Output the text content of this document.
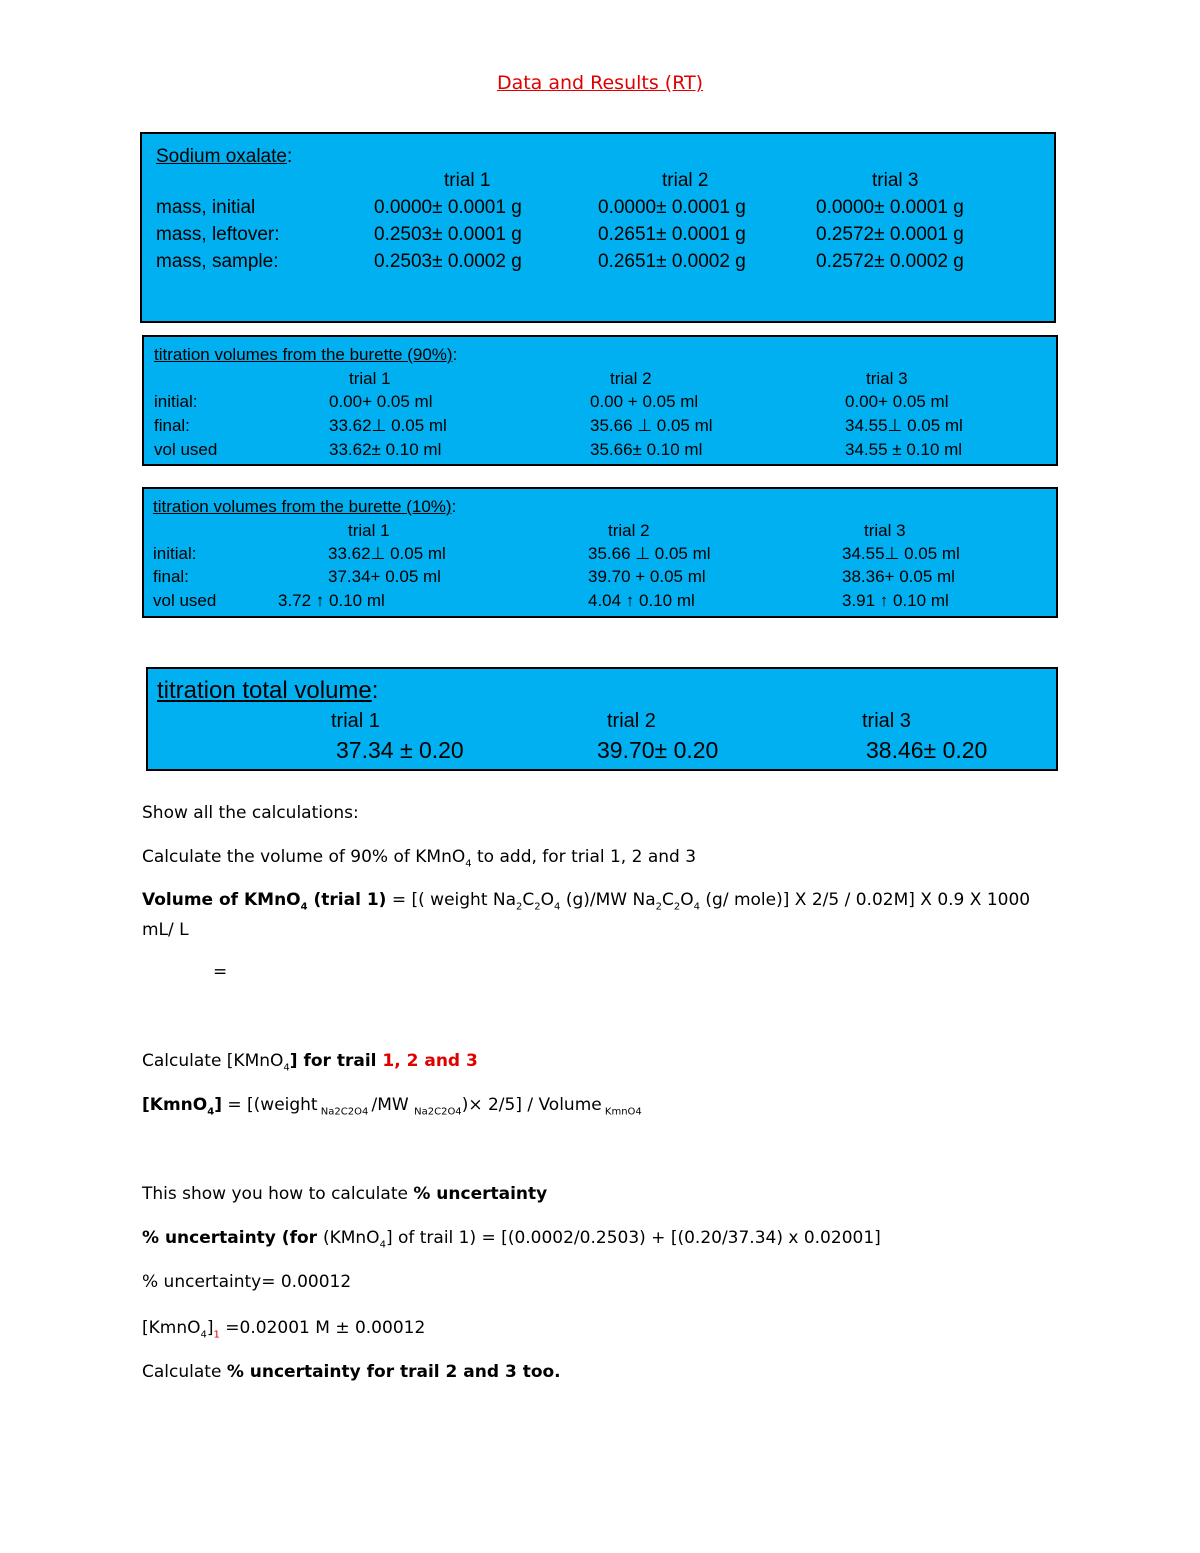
Data and Results (RT)
Sodium oxalate:
trial 1	trial 2	trial 3
mass, initial	0.0000± 0.0001 g	0.0000± 0.0001 g	0.0000± 0.0001 g
mass, leftover:	0.2503± 0.0001 g	0.2651± 0.0001 g	0.2572± 0.0001 g
mass, sample:	0.2503± 0.0002 g	0.2651± 0.0002 g	0.2572± 0.0002 g
titration volumes from the burette (90%):
trial 1	trial 2	trial 3
initial:	0.00+ 0.05 ml	0.00 + 0.05 ml	0.00+ 0.05 ml
final:	33.62⊥ 0.05 ml	35.66 ⊥ 0.05 ml	34.55⊥ 0.05 ml
vol used	33.62± 0.10 ml	35.66± 0.10 ml	34.55 ± 0.10 ml
titration volumes from the burette (10%):
trial 1	trial 2	trial 3
initial:	33.62⊥ 0.05 ml	35.66 ⊥ 0.05 ml	34.55⊥ 0.05 ml
final:	37.34+ 0.05 ml	39.70 + 0.05 ml	38.36+ 0.05 ml
vol used	3.72 ↑ 0.10 ml	4.04 ↑ 0.10 ml	3.91 ↑ 0.10 ml
titration total volume:
trial 1	trial 2	trial 3
37.34 ± 0.20	39.70± 0.20	38.46± 0.20
Show all the calculations:
Calculate the volume of 90% of KMnO$_4$ to add, for trial 1, 2 and 3
Volume of KMnO$_4$ (trial 1) = [( weight $Na_2C_2O_4$ (g)/MW $Na_2C_2O_4$ (g/ mole)] X 2/5 / 0.02M] X 0.9 X 1000
mL/ L
=
Calculate [KMnO$_4$] for trail 1, 2 and 3
[KmnO$_4$] = [(weight $_{Na2C2O4}$ /MW $_{Na2C2O4}$)× 2/5] / Volume $_{KmnO4}$
This show you how to calculate % uncertainty
% uncertainty (for (KMnO$_4$] of trail 1) = [(0.0002/0.2503) + [(0.20/37.34) x 0.02001]
% uncertainty= 0.00012
$[KmnO_4]_1 =0.02001$ M ± 0.00012
Calculate % uncertainty for trail 2 and 3 too.
